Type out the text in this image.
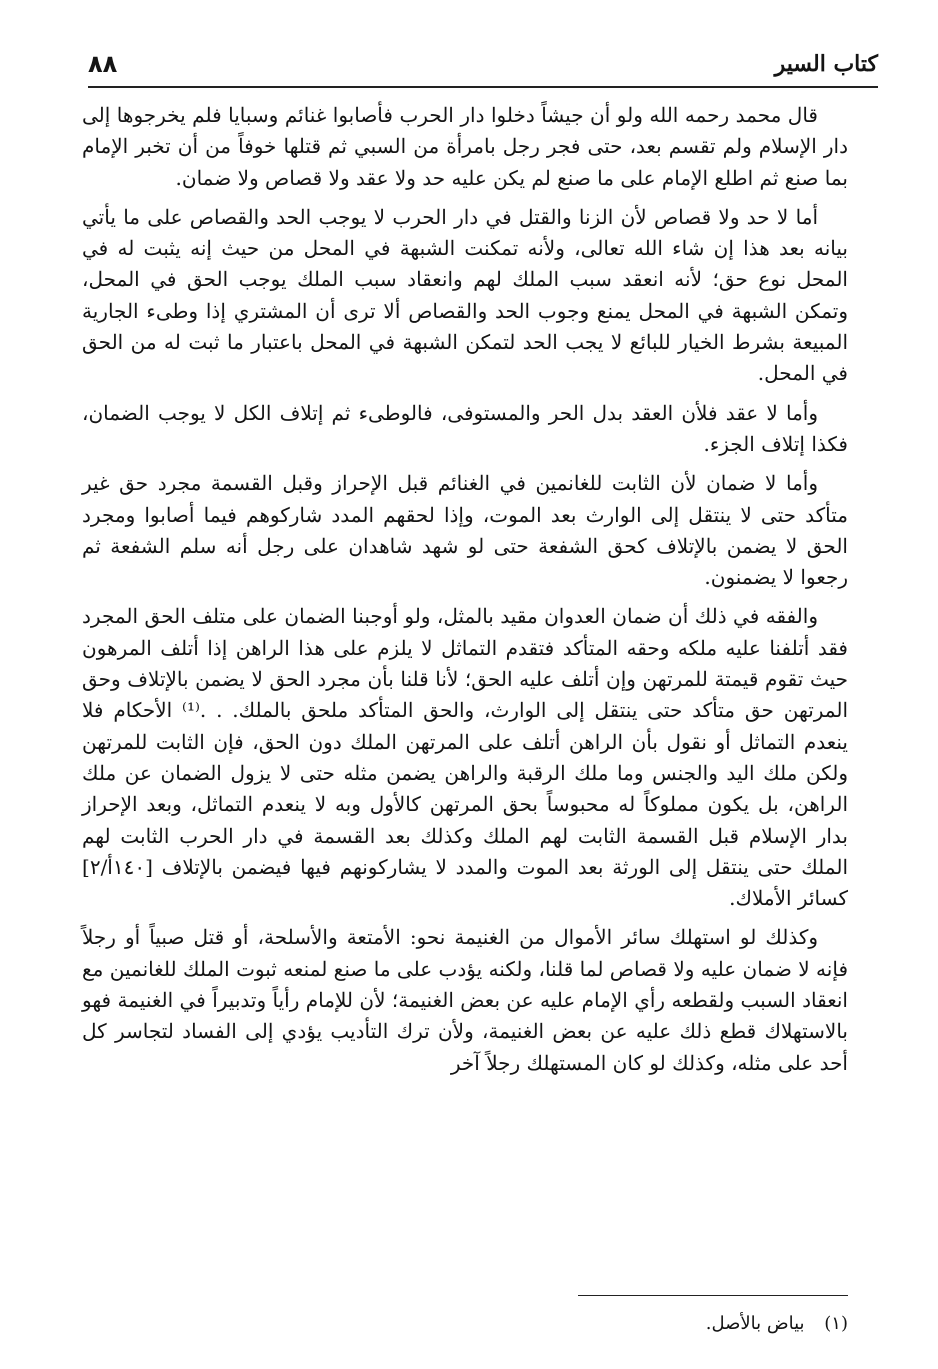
كتاب السير
٨٨

قال محمد رحمه الله ولو أن جيشاً دخلوا دار الحرب فأصابوا غنائم وسبايا فلم يخرجوها إلى دار الإسلام ولم تقسم بعد، حتى فجر رجل بامرأة من السبي ثم قتلها خوفاً من أن تخبر الإمام بما صنع ثم اطلع الإمام على ما صنع لم يكن عليه حد ولا عقد ولا قصاص ولا ضمان.

أما لا حد ولا قصاص لأن الزنا والقتل في دار الحرب لا يوجب الحد والقصاص على ما يأتي بيانه بعد هذا إن شاء الله تعالى، ولأنه تمكنت الشبهة في المحل من حيث إنه يثبت له في المحل نوع حق؛ لأنه انعقد سبب الملك لهم وانعقاد سبب الملك يوجب الحق في المحل، وتمكن الشبهة في المحل يمنع وجوب الحد والقصاص ألا ترى أن المشتري إذا وطىء الجارية المبيعة بشرط الخيار للبائع لا يجب الحد لتمكن الشبهة في المحل باعتبار ما ثبت له من الحق في المحل.

وأما لا عقد فلأن العقد بدل الحر والمستوفى، فالوطىء ثم إتلاف الكل لا يوجب الضمان، فكذا إتلاف الجزء.

وأما لا ضمان لأن الثابت للغانمين في الغنائم قبل الإحراز وقبل القسمة مجرد حق غير متأكد حتى لا ينتقل إلى الوارث بعد الموت، وإذا لحقهم المدد شاركوهم فيما أصابوا ومجرد الحق لا يضمن بالإتلاف كحق الشفعة حتى لو شهد شاهدان على رجل أنه سلم الشفعة ثم رجعوا لا يضمنون.

والفقه في ذلك أن ضمان العدوان مقيد بالمثل، ولو أوجبنا الضمان على متلف الحق المجرد فقد أتلفنا عليه ملكه وحقه المتأكد فتقدم التماثل لا يلزم على هذا الراهن إذا أتلف المرهون حيث تقوم قيمتة للمرتهن وإن أتلف عليه الحق؛ لأنا قلنا بأن مجرد الحق لا يضمن بالإتلاف وحق المرتهن حق متأكد حتى ينتقل إلى الوارث، والحق المتأكد ملحق بالملك. . .⁽¹⁾ الأحكام فلا ينعدم التماثل أو نقول بأن الراهن أتلف على المرتهن الملك دون الحق، فإن الثابت للمرتهن ولكن ملك اليد والجنس وما ملك الرقبة والراهن يضمن مثله حتى لا يزول الضمان عن ملك الراهن، بل يكون مملوكاً له محبوساً بحق المرتهن كالأول وبه لا ينعدم التماثل، وبعد الإحراز بدار الإسلام قبل القسمة الثابت لهم الملك وكذلك بعد القسمة في دار الحرب الثابت لهم الملك حتى ينتقل إلى الورثة بعد الموت والمدد لا يشاركونهم فيها فيضمن بالإتلاف [١٤٠أ/٢] كسائر الأملاك.

وكذلك لو استهلك سائر الأموال من الغنيمة نحو: الأمتعة والأسلحة، أو قتل صبياً أو رجلاً فإنه لا ضمان عليه ولا قصاص لما قلنا، ولكنه يؤدب على ما صنع لمنعه ثبوت الملك للغانمين مع انعقاد السبب ولقطعه رأي الإمام عليه عن بعض الغنيمة؛ لأن للإمام رأياً وتدبيراً في الغنيمة فهو بالاستهلاك قطع ذلك عليه عن بعض الغنيمة، ولأن ترك التأديب يؤدي إلى الفساد لتجاسر كل أحد على مثله، وكذلك لو كان المستهلك رجلاً آخر

(١) بياض بالأصل.
